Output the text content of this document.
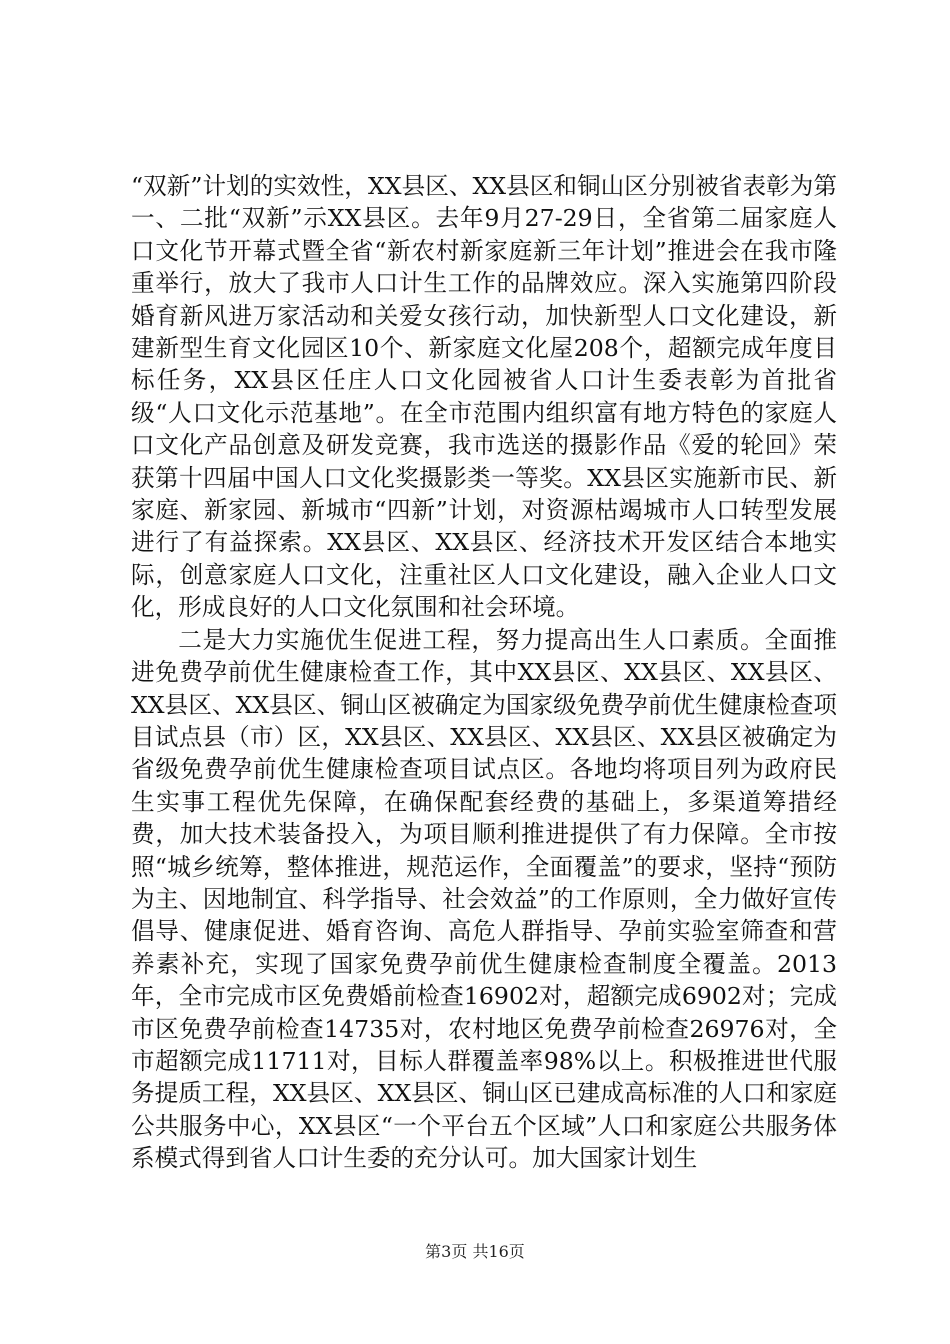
“双新”计划的实效性，XX县区、XX县区和铜山区分别被省表彰为第一、二批“双新”示XX县区。去年9月27-29日，全省第二届家庭人口文化节开幕式暨全省“新农村新家庭新三年计划”推进会在我市隆重举行，放大了我市人口计生工作的品牌效应。深入实施第四阶段婚育新风进万家活动和关爱女孩行动，加快新型人口文化建设，新建新型生育文化园区10个、新家庭文化屋208个，超额完成年度目标任务，XX县区任庄人口文化园被省人口计生委表彰为首批省级“人口文化示范基地”。在全市范围内组织富有地方特色的家庭人口文化产品创意及研发竞赛，我市选送的摄影作品《爱的轮回》荣获第十四届中国人口文化奖摄影类一等奖。XX县区实施新市民、新家庭、新家园、新城市“四新”计划，对资源枯竭城市人口转型发展进行了有益探索。XX县区、XX县区、经济技术开发区结合本地实际，创意家庭人口文化，注重社区人口文化建设，融入企业人口文化，形成良好的人口文化氛围和社会环境。

二是大力实施优生促进工程，努力提高出生人口素质。全面推进免费孕前优生健康检查工作，其中XX县区、XX县区、XX县区、XX县区、XX县区、铜山区被确定为国家级免费孕前优生健康检查项目试点县（市）区，XX县区、XX县区、XX县区、XX县区被确定为省级免费孕前优生健康检查项目试点区。各地均将项目列为政府民生实事工程优先保障，在确保配套经费的基础上，多渠道筹措经费，加大技术装备投入，为项目顺利推进提供了有力保障。全市按照“城乡统筹，整体推进，规范运作，全面覆盖”的要求，坚持“预防为主、因地制宜、科学指导、社会效益”的工作原则，全力做好宣传倡导、健康促进、婚育咨询、高危人群指导、孕前实验室筛查和营养素补充，实现了国家免费孕前优生健康检查制度全覆盖。2013年，全市完成市区免费婚前检查16902对，超额完成6902对；完成市区免费孕前检查14735对，农村地区免费孕前检查26976对，全市超额完成11711对，目标人群覆盖率98%以上。积极推进世代服务提质工程，XX县区、XX县区、铜山区已建成高标准的人口和家庭公共服务中心，XX县区“一个平台五个区域”人口和家庭公共服务体系模式得到省人口计生委的充分认可。加大国家计划生

第3页 共16页
